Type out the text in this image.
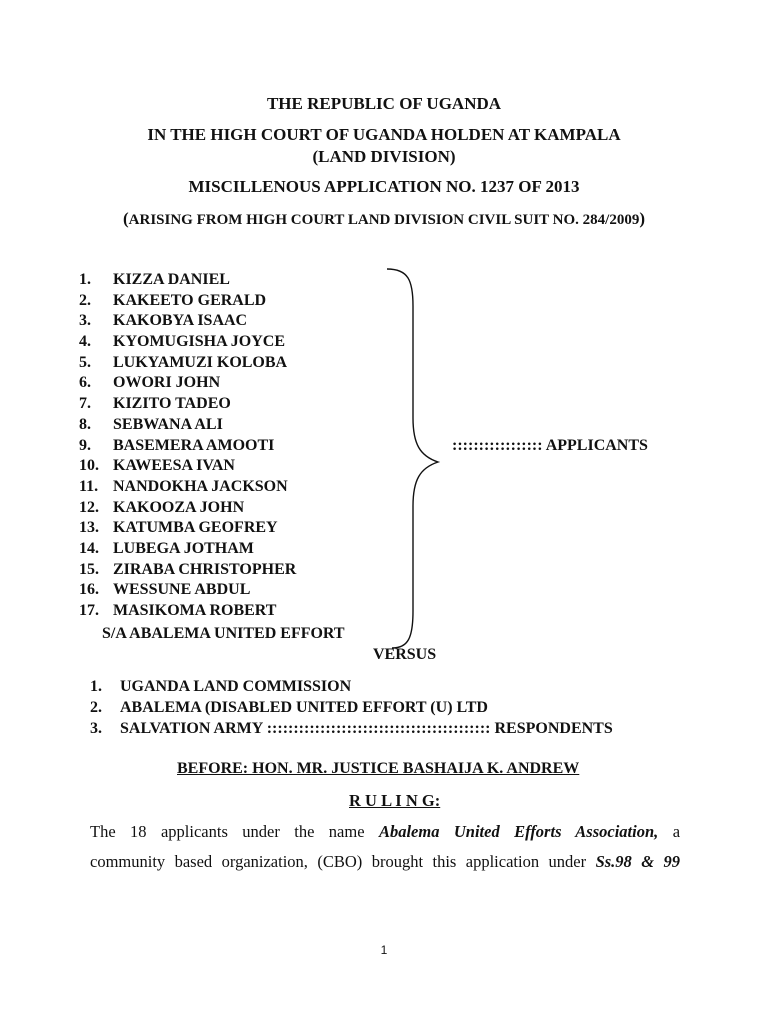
THE REPUBLIC OF UGANDA
IN THE HIGH COURT OF UGANDA HOLDEN AT KAMPALA
(LAND DIVISION)
MISCILLENOUS APPLICATION NO. 1237 OF 2013
(ARISING FROM HIGH COURT LAND DIVISION CIVIL SUIT NO. 284/2009)
1. KIZZA DANIEL
2. KAKEETO GERALD
3. KAKOBYA ISAAC
4. KYOMUGISHA JOYCE
5. LUKYAMUZI KOLOBA
6. OWORI JOHN
7. KIZITO TADEO
8. SEBWANA ALI
9. BASEMERA AMOOTI
10. KAWEESA IVAN
11. NANDOKHA JACKSON
12. KAKOOZA JOHN
13. KATUMBA GEOFREY
14. LUBEGA JOTHAM
15. ZIRABA CHRISTOPHER
16. WESSUNE ABDUL
17. MASIKOMA ROBERT
S/A ABALEMA UNITED EFFORT
::::::::::::::::: APPLICANTS
VERSUS
1. UGANDA LAND COMMISSION
2. ABALEMA (DISABLED UNITED EFFORT (U) LTD
3. SALVATION ARMY :::::::::::::::::::::::::::::::::::::::::: RESPONDENTS
BEFORE: HON. MR. JUSTICE BASHAIJA K. ANDREW
R U L I N G:
The 18 applicants under the name Abalema United Efforts Association, a
community based organization, (CBO) brought this application under Ss.98 & 99
1
